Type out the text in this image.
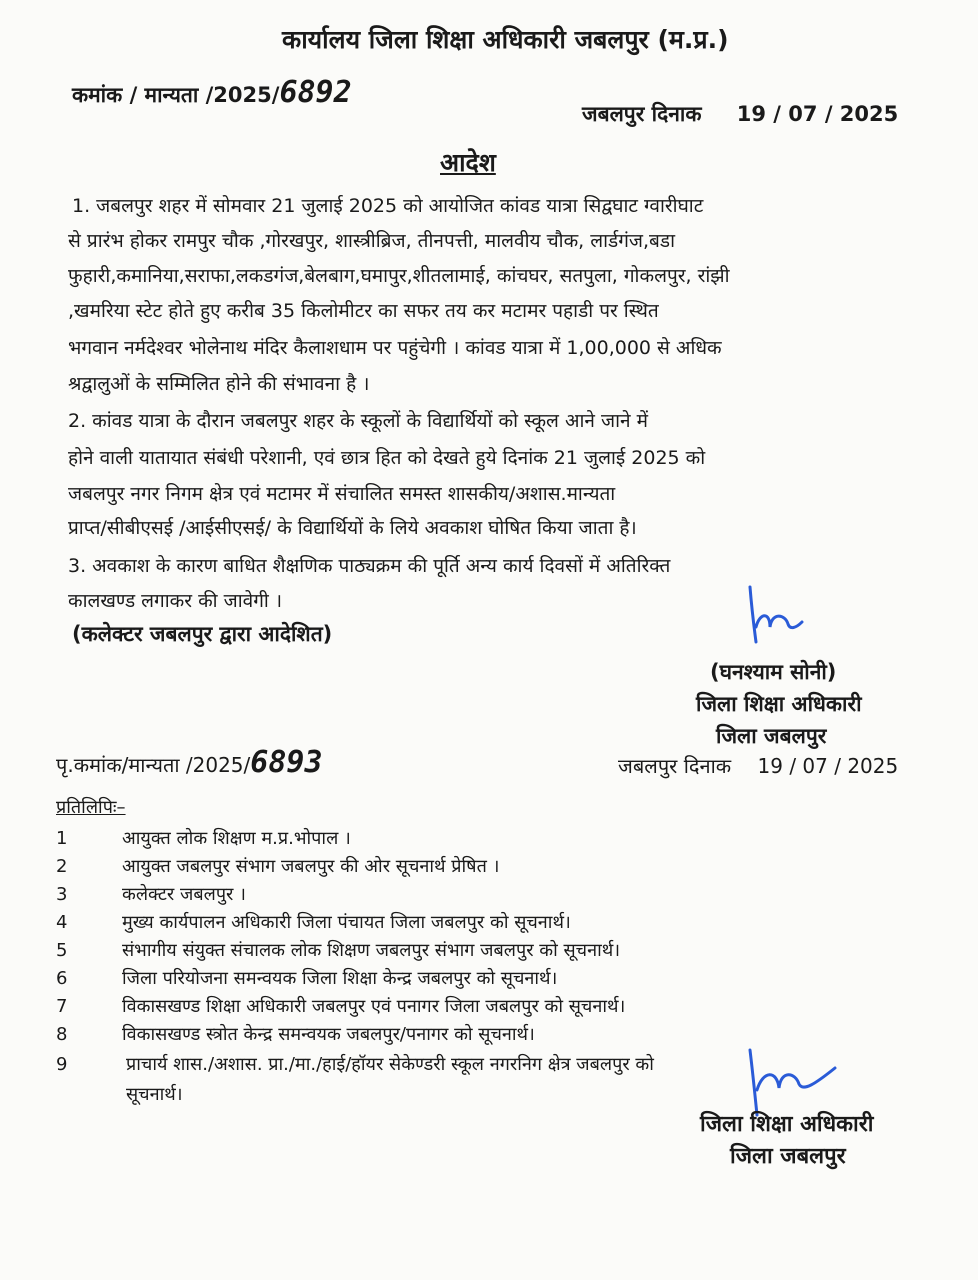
कार्यालय जिला शिक्षा अधिकारी जबलपुर (म.प्र.)
कमांक / मान्यता /2025/6892
जबलपुर दिनाक 19 / 07 / 2025
आदेश
1. जबलपुर शहर में सोमवार 21 जुलाई 2025 को आयोजित कांवड यात्रा सिद्वघाट ग्वारीघाट
से प्रारंभ होकर रामपुर चौक ,गोरखपुर, शास्त्रीब्रिज, तीनपत्ती, मालवीय चौक, लार्डगंज,बडा
फुहारी,कमानिया,सराफा,लकडगंज,बेलबाग,घमापुर,शीतलामाई, कांचघर, सतपुला, गोकलपुर, रांझी
,खमरिया स्टेट होते हुए करीब 35 किलोमीटर का सफर तय कर मटामर पहाडी पर स्थित
भगवान नर्मदेश्वर भोलेनाथ मंदिर कैलाशधाम पर पहुंचेगी । कांवड यात्रा में 1,00,000 से अधिक
श्रद्वालुओं के सम्मिलित होने की संभावना है ।
2. कांवड यात्रा के दौरान जबलपुर शहर के स्कूलों के विद्यार्थियों को स्कूल आने जाने में
होने वाली यातायात संबंधी परेशानी, एवं छात्र हित को देखते हुये दिनांक 21 जुलाई 2025 को
जबलपुर नगर निगम क्षेत्र एवं मटामर में संचालित समस्त शासकीय/अशास.मान्यता
प्राप्त/सीबीएसई /आईसीएसई/ के विद्यार्थियों के लिये अवकाश घोषित किया जाता है।
3. अवकाश के कारण बाधित शैक्षणिक पाठ्यक्रम की पूर्ति अन्य कार्य दिवसों में अतिरिक्त
कालखण्ड लगाकर की जावेगी ।
(कलेक्टर जबलपुर द्वारा आदेशित)
(घनश्याम सोनी)
जिला शिक्षा अधिकारी
जिला जबलपुर
पृ.कमांक/मान्यता /2025/6893	जबलपुर दिनाक 19 / 07 / 2025
प्रतिलिपिः–
1	आयुक्त लोक शिक्षण म.प्र.भोपाल ।
2	आयुक्त जबलपुर संभाग जबलपुर की ओर सूचनार्थ प्रेषित ।
3	कलेक्टर जबलपुर ।
4	मुख्य कार्यपालन अधिकारी जिला पंचायत जिला जबलपुर को सूचनार्थ।
5	संभागीय संयुक्त संचालक लोक शिक्षण जबलपुर संभाग जबलपुर को सूचनार्थ।
6	जिला परियोजना समन्वयक जिला शिक्षा केन्द्र जबलपुर को सूचनार्थ।
7	विकासखण्ड शिक्षा अधिकारी जबलपुर एवं पनागर जिला जबलपुर को सूचनार्थ।
8	विकासखण्ड स्त्रोत केन्द्र समन्वयक जबलपुर/पनागर को सूचनार्थ।
9	प्राचार्य शास./अशास. प्रा./मा./हाई/हॉयर सेकेण्डरी स्कूल नगरनिग क्षेत्र जबलपुर को
सूचनार्थ।
जिला शिक्षा अधिकारी
जिला जबलपुर
